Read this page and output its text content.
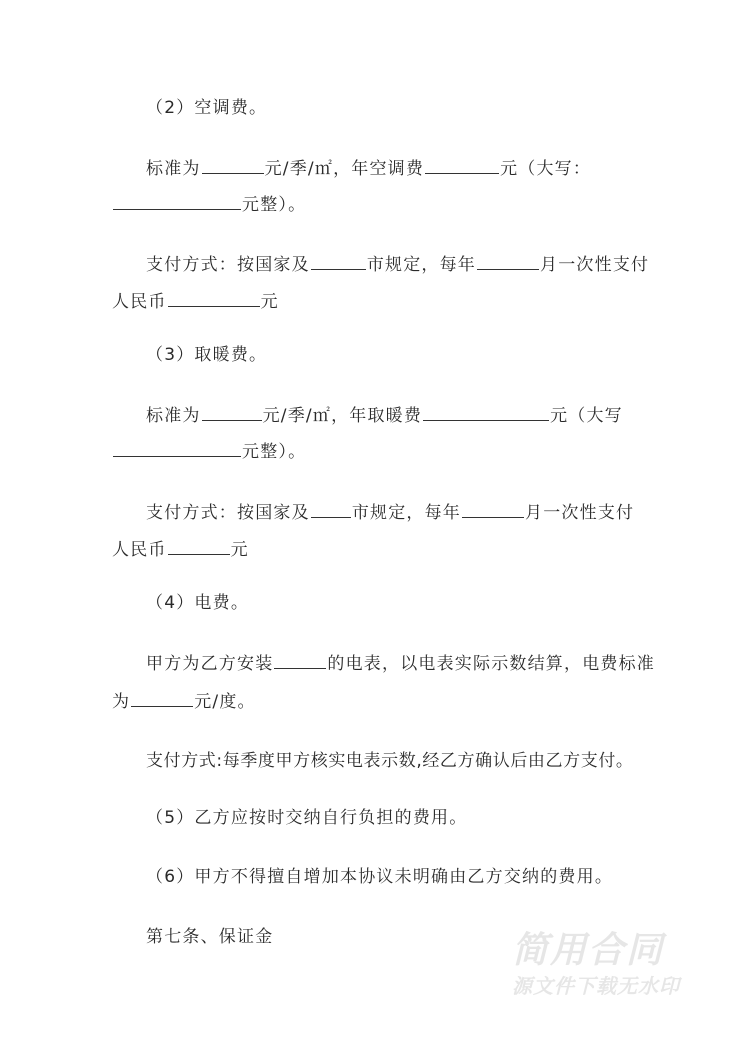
（2）空调费。
标准为	元/季/㎡，年空调费	元（大写：
元整）。
支付方式：按国家及	市规定，每年	月一次性支付
人民币	元
（3）取暖费。
标准为	元/季/㎡，年取暖费	元（大写
元整）。
支付方式：按国家及 市规定，每年	月一次性支付
人民币	元
（4）电费。
甲方为乙方安装	的电表，以电表实际示数结算，电费标准
为	元/度。
支付方式:每季度甲方核实电表示数,经乙方确认后由乙方支付。
（5）乙方应按时交纳自行负担的费用。
（6）甲方不得擅自增加本协议未明确由乙方交纳的费用。
第七条、保证金	简用合同
源文件下载无水印
